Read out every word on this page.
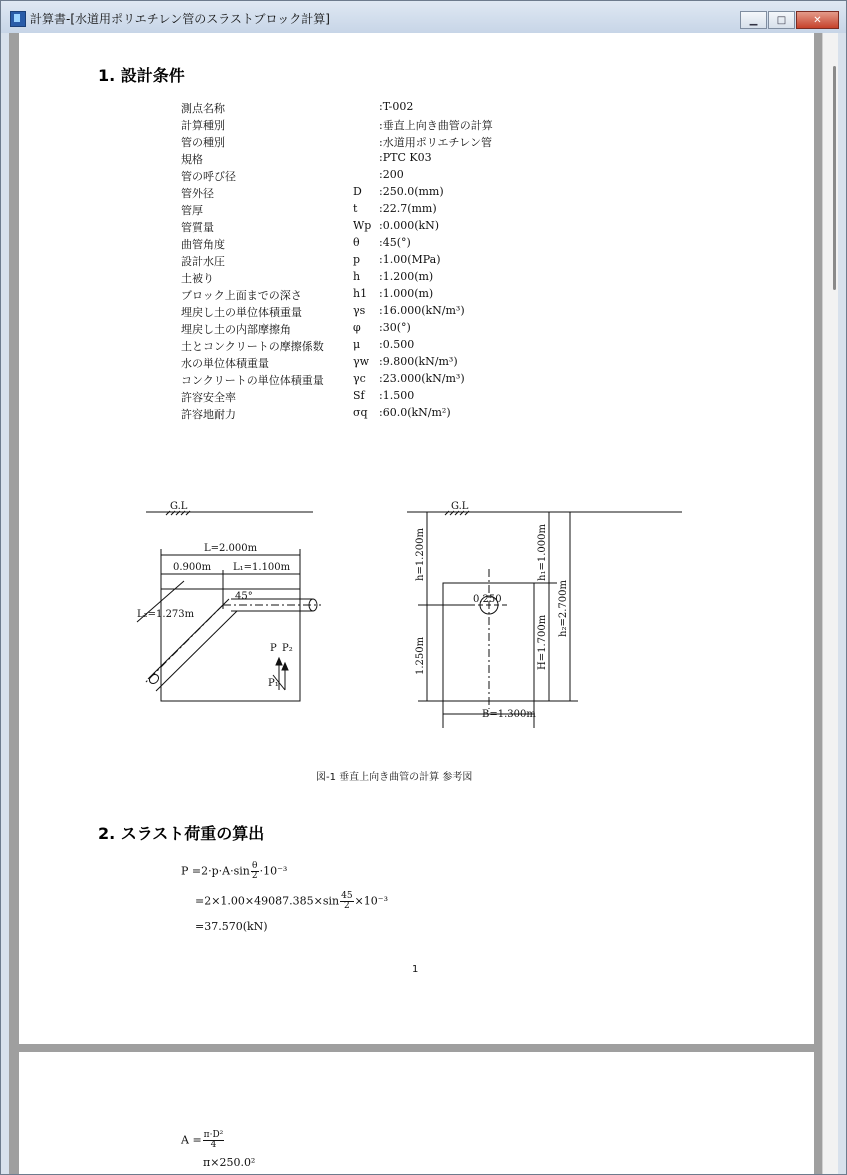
計算書-[水道用ポリエチレン管のスラストブロック計算]	▁	□	✕
1. 設計条件
測点名称	:T-002
計算種別	:垂直上向き曲管の計算
管の種別	:水道用ポリエチレン管
規格	:PTC K03
管の呼び径	:200
管外径	D :250.0(mm)
管厚	t :22.7(mm)
管質量	Wp :0.000(kN)
曲管角度	θ :45(°)
設計水圧	p :1.00(MPa)
土被り	h :1.200(m)
ブロック上面までの深さ	h1 :1.000(m)
埋戻し土の単位体積重量	γs :16.000(kN/m³)
埋戻し土の内部摩擦角	φ :30(°)
土とコンクリートの摩擦係数	μ :0.500
水の単位体積重量	γw :9.800(kN/m³)
コンクリートの単位体積重量	γc :23.000(kN/m³)
許容安全率	Sf :1.500
許容地耐力	σq :60.0(kN/m²)
G.L	G.L
L=2.000m
0.900m L₁=1.100m
45°
L₂=1.273m
P P₂
P₁
0.250
B=1.300m
h=1.200m
1.250m
h₁=1.000m
H=1.700m
h₂=2.700m
図-1 垂直上向き曲管の計算 参考図
2. スラスト荷重の算出
$P =2\cdot p\cdot A\cdot\sin \frac{\theta}{2} \cdot 10^{-3}$
$=2\times 1.00\times 49087.385\times\sin \frac{45}{2} \times 10^{-3}$
=37.570(kN)
1
$A = \frac{\text{π·D²}}{4}$
π×250.0²
